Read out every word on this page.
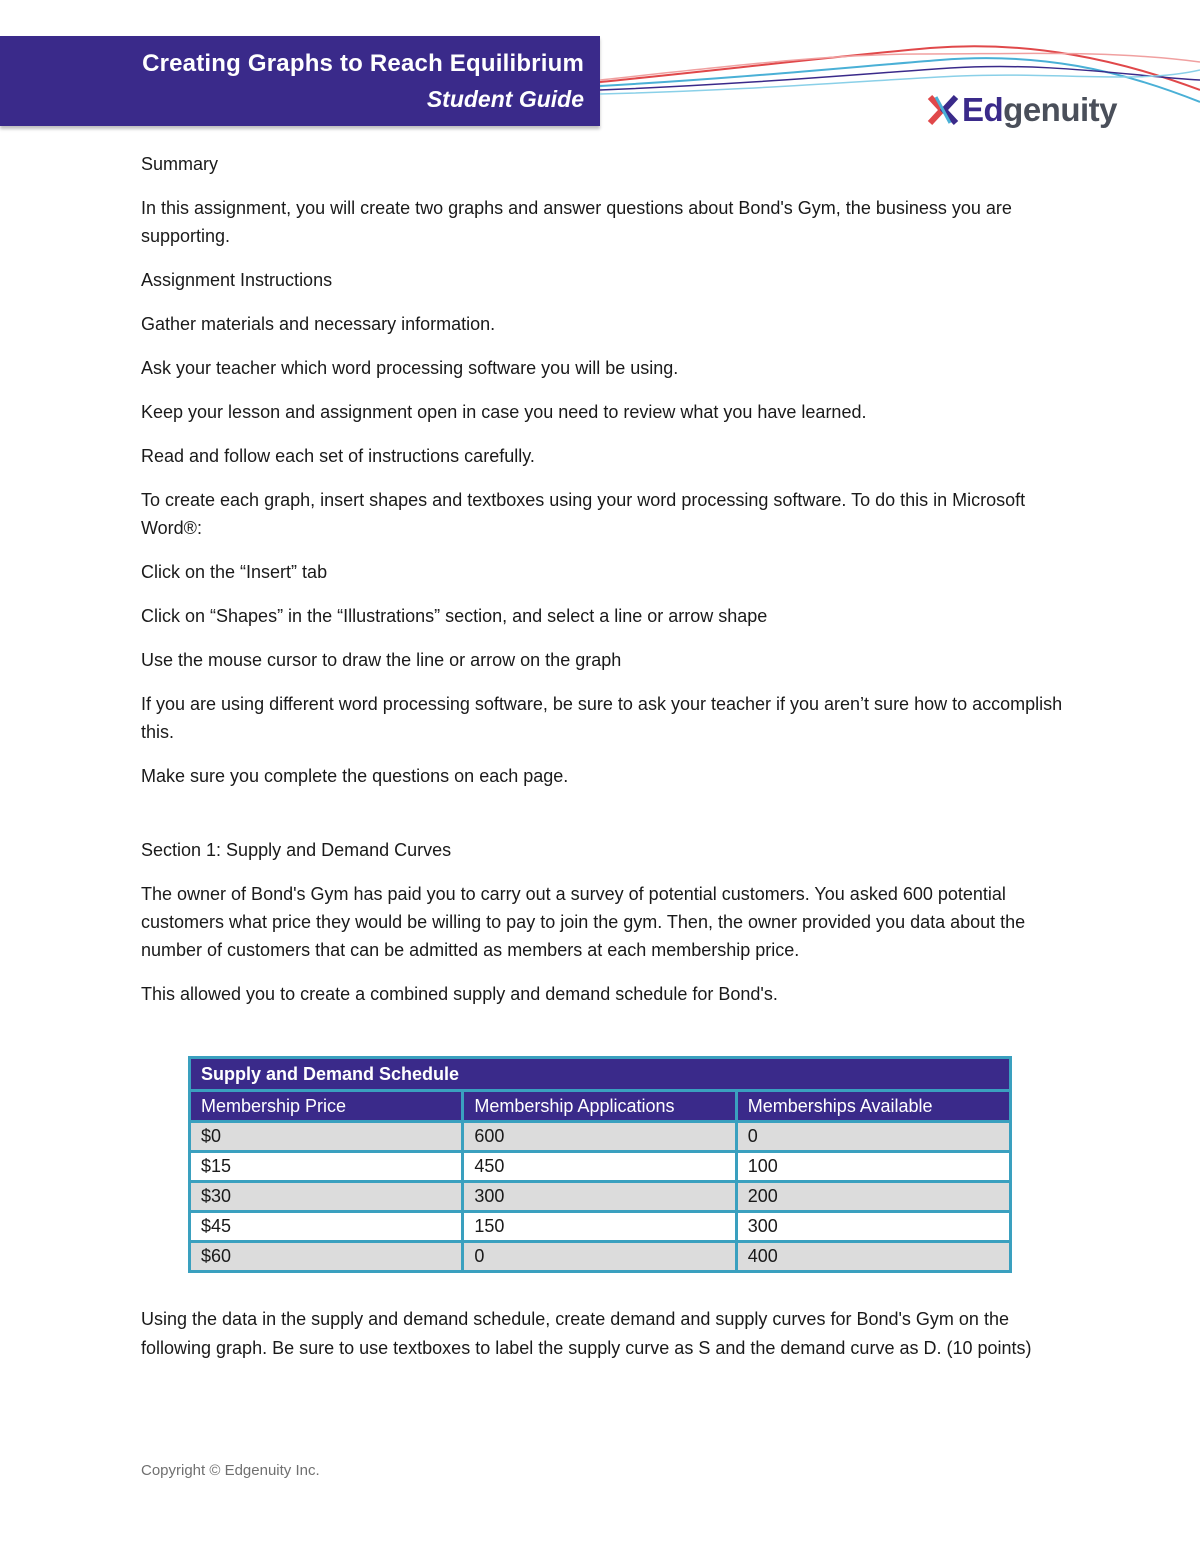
Creating Graphs to Reach Equilibrium

Student Guide	Edgenuity

Summary

In this assignment, you will create two graphs and answer questions about Bond's Gym, the business you are supporting.

Assignment Instructions

Gather materials and necessary information.

Ask your teacher which word processing software you will be using.

Keep your lesson and assignment open in case you need to review what you have learned.

Read and follow each set of instructions carefully.

To create each graph, insert shapes and textboxes using your word processing software. To do this in Microsoft Word®:

Click on the “Insert” tab

Click on “Shapes” in the “Illustrations” section, and select a line or arrow shape

Use the mouse cursor to draw the line or arrow on the graph

If you are using different word processing software, be sure to ask your teacher if you aren’t sure how to accomplish this.

Make sure you complete the questions on each page.

Section 1: Supply and Demand Curves

The owner of Bond's Gym has paid you to carry out a survey of potential customers. You asked 600 potential customers what price they would be willing to pay to join the gym. Then, the owner provided you data about the number of customers that can be admitted as members at each membership price.

This allowed you to create a combined supply and demand schedule for Bond's.

Supply and Demand Schedule		
Membership Price	Membership Applications	Memberships Available
$0	600	0
$15	450	100
$30	300	200
$45	150	300
$60	0	400

Using the data in the supply and demand schedule, create demand and supply curves for Bond's Gym on the following graph. Be sure to use textboxes to label the supply curve as S and the demand curve as D. (10 points)

Copyright © Edgenuity Inc.
